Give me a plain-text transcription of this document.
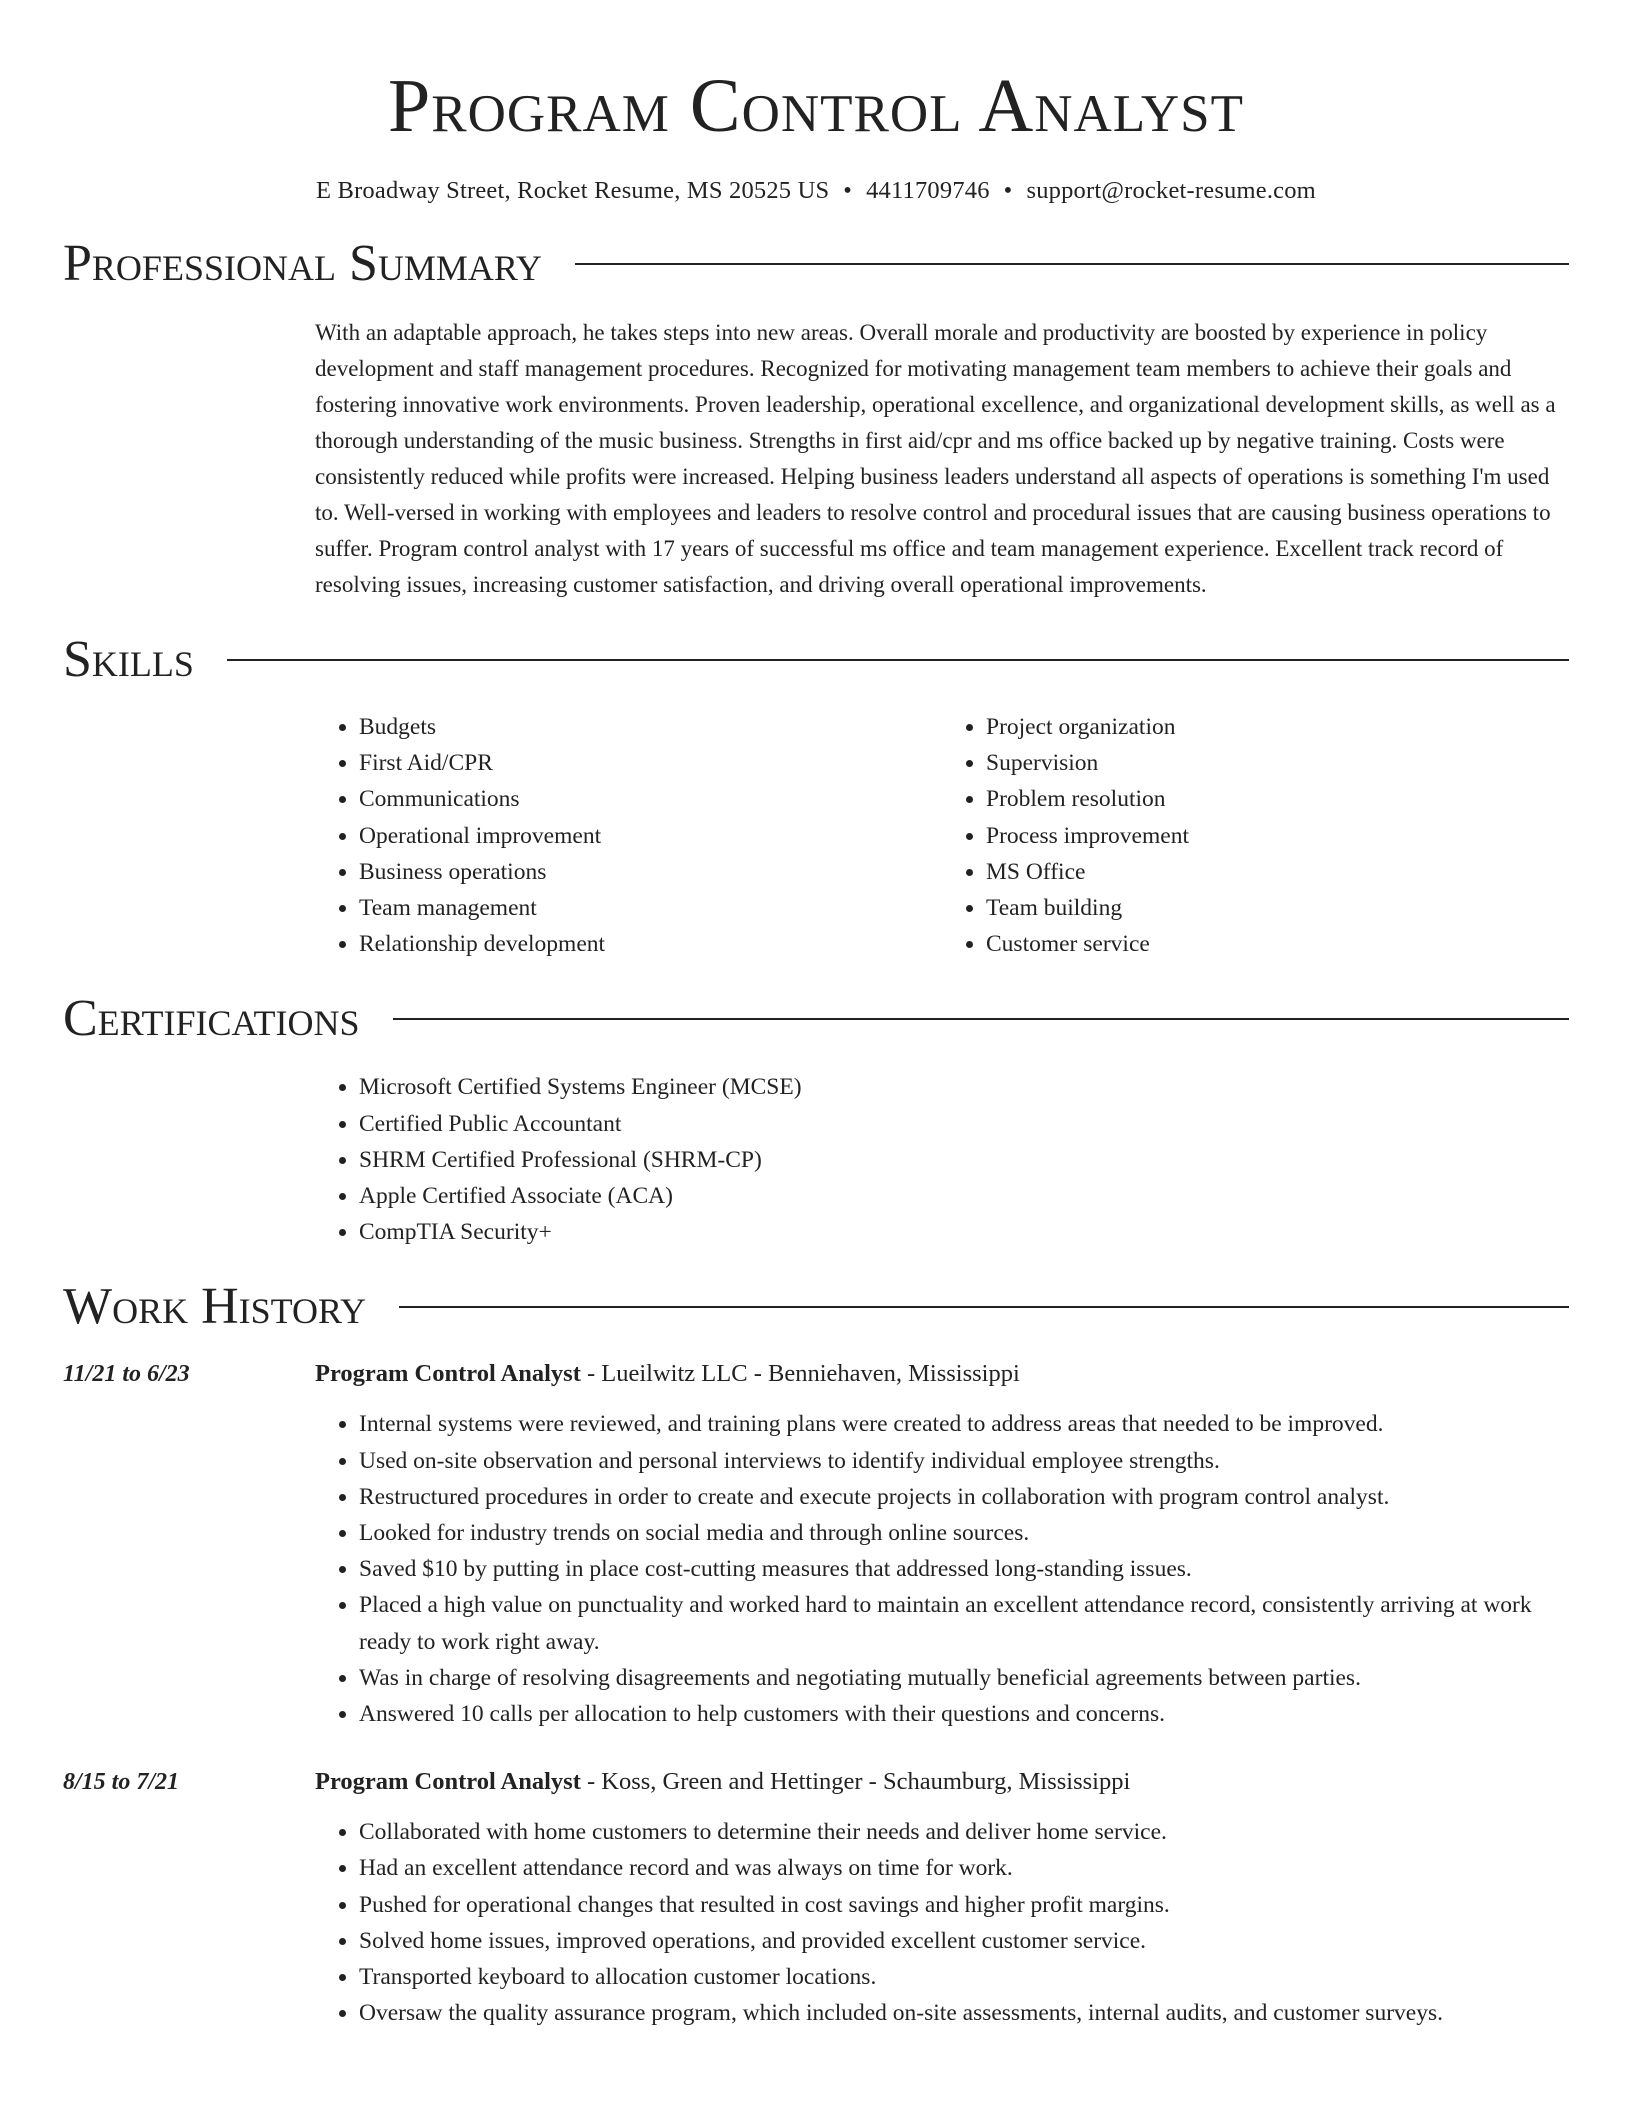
Program Control Analyst
E Broadway Street, Rocket Resume, MS 20525 US • 4411709746 • support@rocket-resume.com
Professional Summary

With an adaptable approach, he takes steps into new areas. Overall morale and productivity are boosted by experience in policy development and staff management procedures. Recognized for motivating management team members to achieve their goals and fostering innovative work environments. Proven leadership, operational excellence, and organizational development skills, as well as a thorough understanding of the music business. Strengths in first aid/cpr and ms office backed up by negative training. Costs were consistently reduced while profits were increased. Helping business leaders understand all aspects of operations is something I'm used to. Well-versed in working with employees and leaders to resolve control and procedural issues that are causing business operations to suffer. Program control analyst with 17 years of successful ms office and team management experience. Excellent track record of resolving issues, increasing customer satisfaction, and driving overall operational improvements.

Skills
• Budgets
• First Aid/CPR
• Communications
• Operational improvement
• Business operations
• Team management
• Relationship development
• Project organization
• Supervision
• Problem resolution
• Process improvement
• MS Office
• Team building
• Customer service
Certifications
• Microsoft Certified Systems Engineer (MCSE)
• Certified Public Accountant
• SHRM Certified Professional (SHRM-CP)
• Apple Certified Associate (ACA)
• CompTIA Security+
Work History
11/21 to 6/23	Program Control Analyst - Lueilwitz LLC - Benniehaven, Mississippi
• Internal systems were reviewed, and training plans were created to address areas that needed to be improved.
• Used on-site observation and personal interviews to identify individual employee strengths.
• Restructured procedures in order to create and execute projects in collaboration with program control analyst.
• Looked for industry trends on social media and through online sources.
• Saved $10 by putting in place cost-cutting measures that addressed long-standing issues.
• Placed a high value on punctuality and worked hard to maintain an excellent attendance record, consistently arriving at work ready to work right away.
• Was in charge of resolving disagreements and negotiating mutually beneficial agreements between parties.
• Answered 10 calls per allocation to help customers with their questions and concerns.
8/15 to 7/21	Program Control Analyst - Koss, Green and Hettinger - Schaumburg, Mississippi
• Collaborated with home customers to determine their needs and deliver home service.
• Had an excellent attendance record and was always on time for work.
• Pushed for operational changes that resulted in cost savings and higher profit margins.
• Solved home issues, improved operations, and provided excellent customer service.
• Transported keyboard to allocation customer locations.
• Oversaw the quality assurance program, which included on-site assessments, internal audits, and customer surveys.
